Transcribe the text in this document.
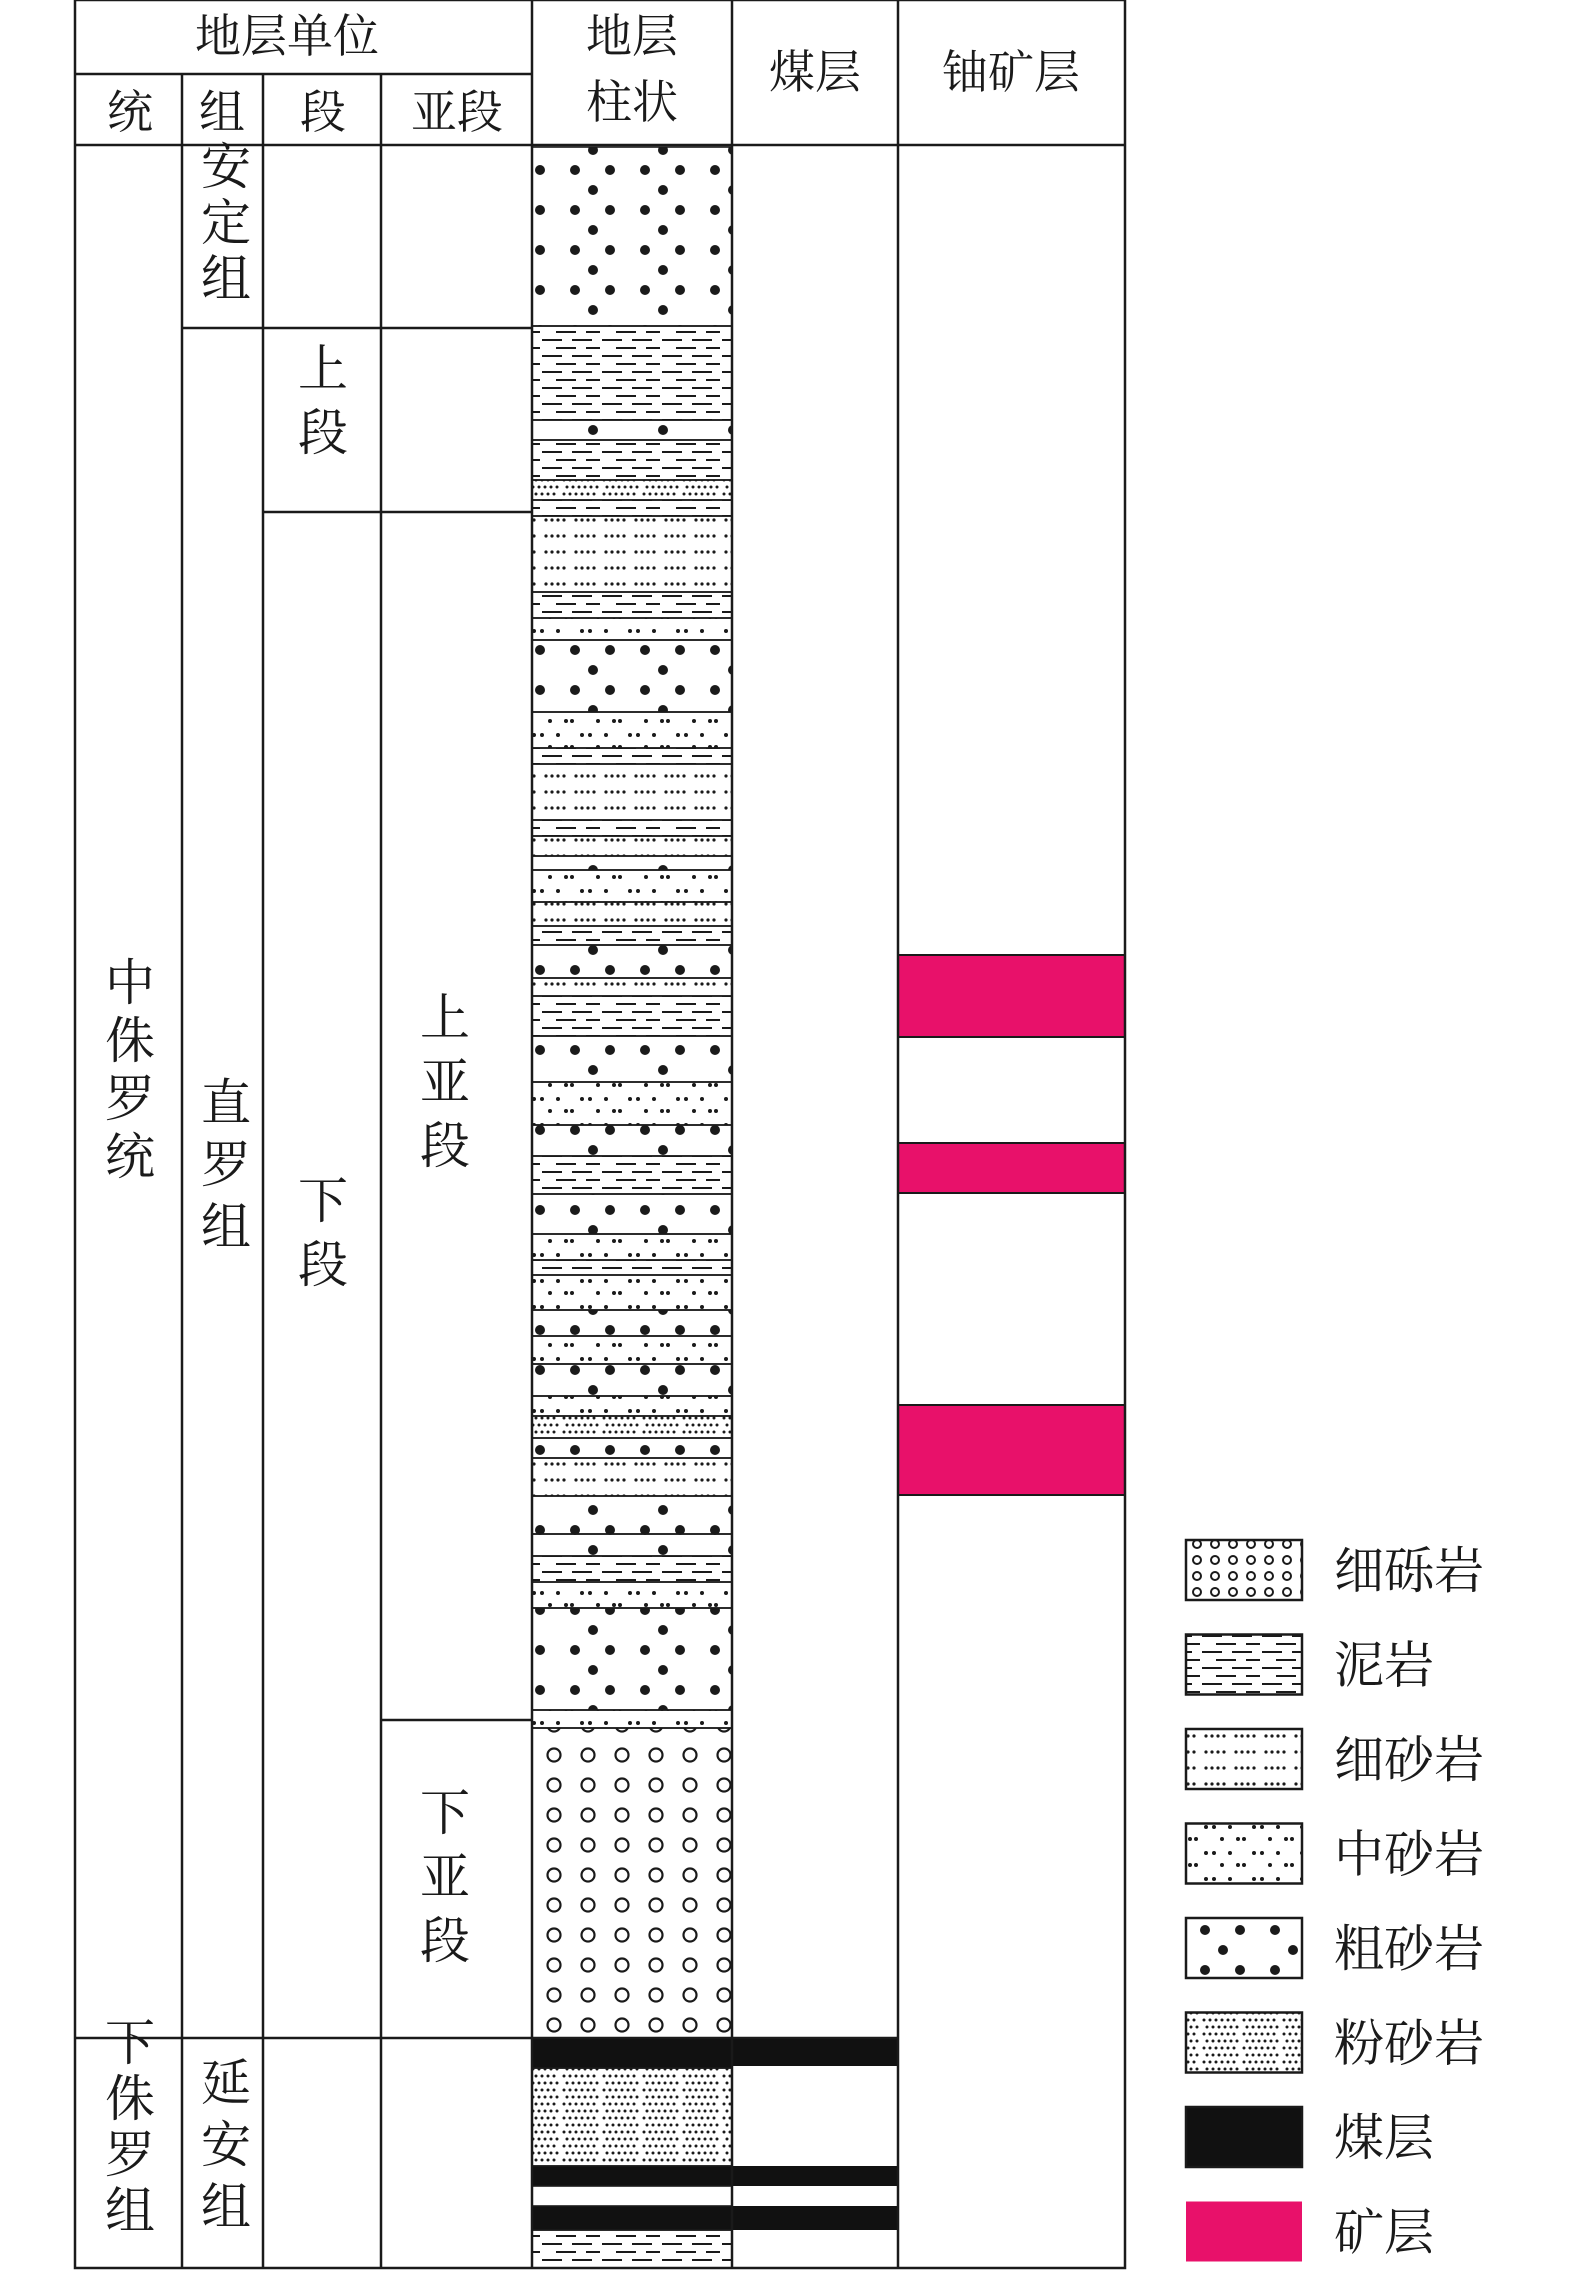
地层单位
统 组 段 亚段
地层
柱状
煤层 铀矿层
中侏罗统
下侏罗组
安定组
直罗组
延安组
上段
下段
上亚段
下亚段
细砾岩
泥岩
细砂岩
中砂岩
粗砂岩
粉砂岩
煤层
矿层
